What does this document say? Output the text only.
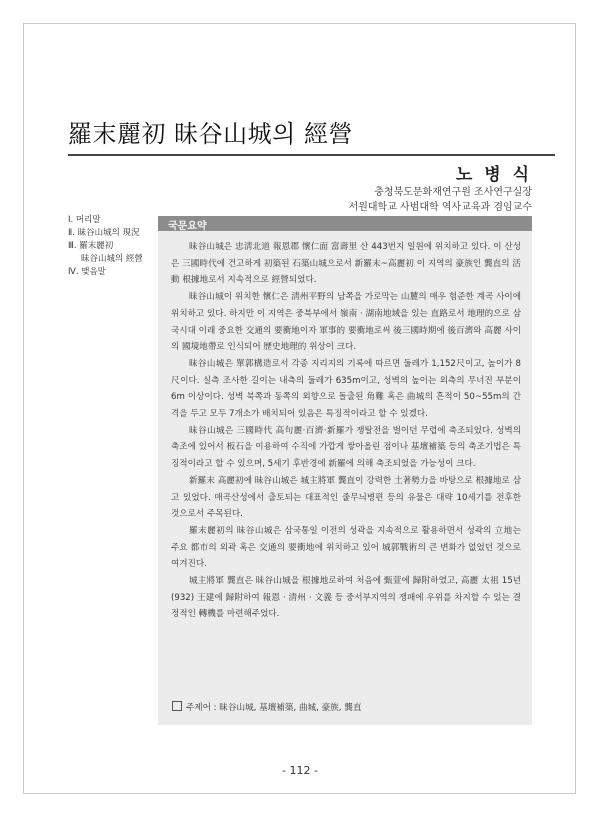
羅末麗初 昧谷山城의 經營
노 병 식
충청북도문화재연구원 조사연구실장
서원대학교 사범대학 역사교육과 겸임교수
Ⅰ. 머리말
Ⅱ. 昧谷山城의 現況
Ⅲ. 羅末麗初
昧谷山城의 經營
Ⅳ. 맺음말
국문요약

昧谷山城은 忠淸北道 報恩郡 懷仁面 富壽里 산 443번지 일원에 위치하고 있다. 이 산성은 三國時代에 건고하게 初築된 石築山城으로서 新羅末~高麗初 이 지역의 豪族인 龔直의 活動 根據地로서 지속적으로 經營되었다.

昧谷山城이 위치한 懷仁은 淸州平野의 남쪽을 가로막는 山麓의 매우 험준한 계곡 사이에 위치하고 있다. 하지만 이 지역은 중북부에서 嶺南 · 湖南地域을 있는 直路로서 地理的으로 삼국시대 이래 중요한 交通의 要衝地이자 軍事的 要衝地로써 後三國時期에 後百濟와 高麗 사이의 國境地帶로 인식되어 歷史地理的 위상이 크다.

昧谷山城은 單郭構造로서 각종 지리지의 기록에 따르면 둘레가 1,152尺이고, 높이가 8尺이다. 실측 조사한 길이는 내측의 둘레가 635m이고, 성벽의 높이는 외측의 무너진 부분이 6m 이상이다. 성벽 북쪽과 동쪽의 외향으로 돌출된 角難 혹은 曲城의 흔적이 50~55m의 간격을 두고 모두 7개소가 배치되어 있음은 특징적이라고 할 수 있겠다.

昧谷山城은 三國時代 高句麗·百濟·新羅가 쟁탈전을 벌이던 무렵에 축조되었다. 성벽의 축조에 있어서 板石을 이용하여 수직에 가깝게 쌓아올린 점이나 基壇補築 등의 축조기법은 특징적이라고 할 수 있으며, 5세기 후반경에 新羅에 의해 축조되었을 가능성이 크다.

新羅末 高麗初에 昧谷山城은 城主將軍 龔直이 강력한 土著勢力을 바탕으로 根據地로 삼고 있었다. 매곡산성에서 출토되는 대표적인 줄무늬병편 등의 유물은 대략 10세기를 전후한 것으로서 주목된다.

羅末麗初의 昧谷山城은 삼국통일 이전의 성곽을 지속적으로 활용하면서 성곽의 立地는 주요 都市의 외곽 혹은 交通의 要衝地에 위치하고 있어 城郭戰術의 큰 변화가 없었던 것으로 여겨진다.

城主將軍 龔直은 昧谷山城을 根據地로하여 처음에 甄萱에 歸附하였고, 高麗 太祖 15년(932) 王建에 歸附하여 報恩 · 淸州 · 文義 등 중서부지역의 쟁패에 우위를 차지할 수 있는 결정적인 轉機를 마련해주었다.

주제어 : 昧谷山城, 基壇補築, 曲城, 豪族, 龔直
- 112 -
